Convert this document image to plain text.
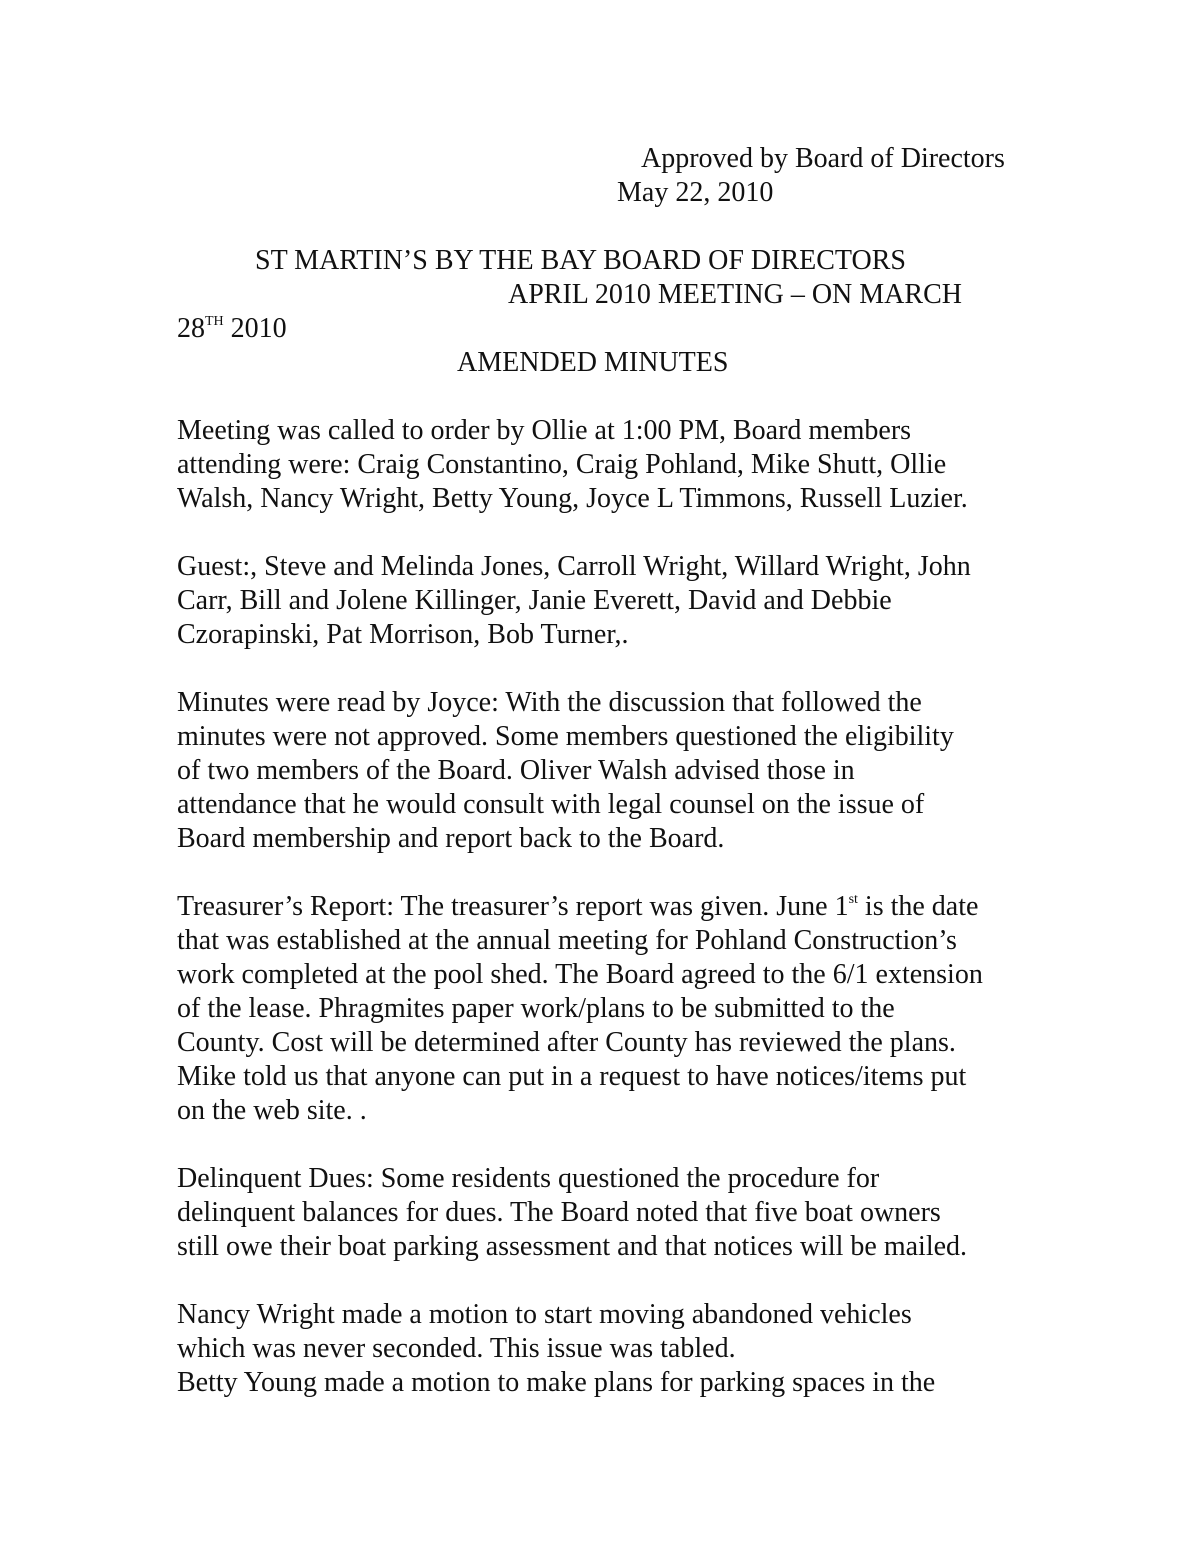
Approved by Board of Directors
May 22, 2010
ST MARTIN’S BY THE BAY BOARD OF DIRECTORS
APRIL 2010 MEETING – ON MARCH
28TH 2010
AMENDED MINUTES

Meeting was called to order by Ollie at 1:00 PM, Board members
attending were: Craig Constantino, Craig Pohland, Mike Shutt, Ollie
Walsh, Nancy Wright, Betty Young, Joyce L Timmons, Russell Luzier.

Guest:, Steve and Melinda Jones, Carroll Wright, Willard Wright, John
Carr, Bill and Jolene Killinger, Janie Everett, David and Debbie
Czorapinski, Pat Morrison, Bob Turner,.

Minutes were read by Joyce: With the discussion that followed the
minutes were not approved. Some members questioned the eligibility
of two members of the Board. Oliver Walsh advised those in
attendance that he would consult with legal counsel on the issue of
Board membership and report back to the Board.

Treasurer’s Report: The treasurer’s report was given. June 1st is the date
that was established at the annual meeting for Pohland Construction’s
work completed at the pool shed. The Board agreed to the 6/1 extension
of the lease. Phragmites paper work/plans to be submitted to the
County. Cost will be determined after County has reviewed the plans.
Mike told us that anyone can put in a request to have notices/items put
on the web site. .

Delinquent Dues: Some residents questioned the procedure for
delinquent balances for dues. The Board noted that five boat owners
still owe their boat parking assessment and that notices will be mailed.

Nancy Wright made a motion to start moving abandoned vehicles
which was never seconded. This issue was tabled.
Betty Young made a motion to make plans for parking spaces in the
